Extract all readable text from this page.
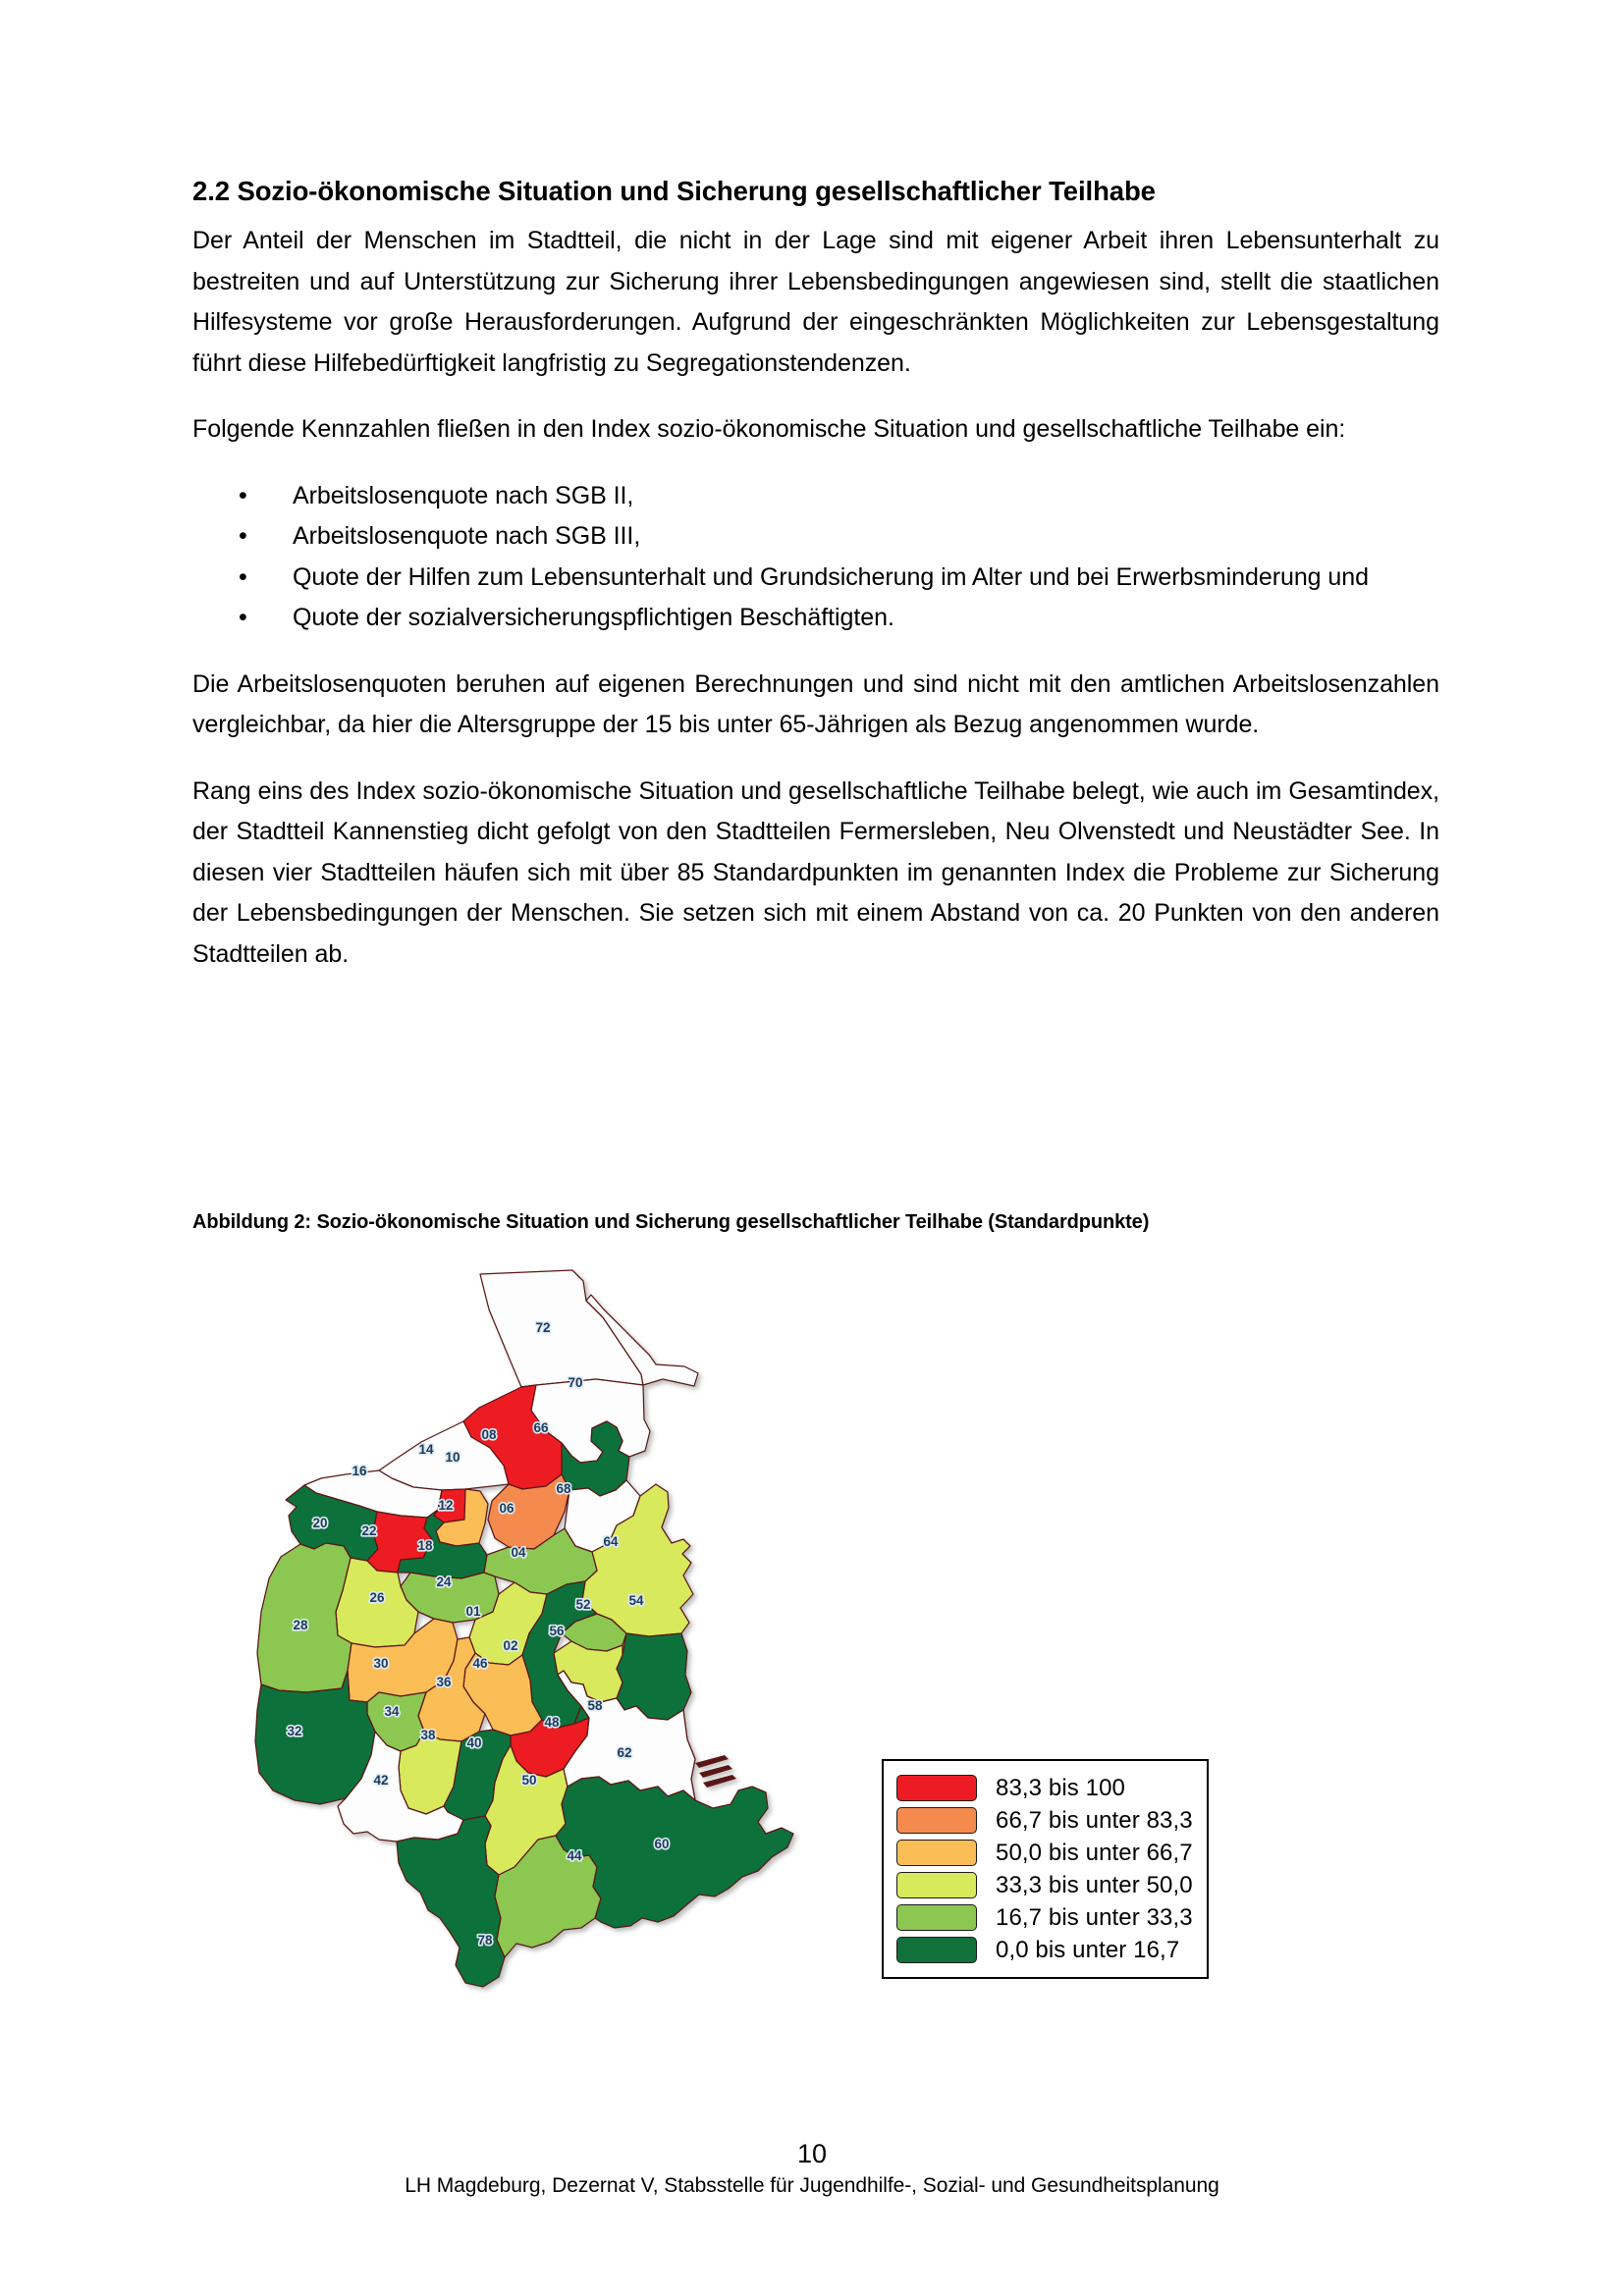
2.2 Sozio-ökonomische Situation und Sicherung gesellschaftlicher Teilhabe

Der Anteil der Menschen im Stadtteil, die nicht in der Lage sind mit eigener Arbeit ihren Lebensunterhalt zu bestreiten und auf Unterstützung zur Sicherung ihrer Lebensbedingungen angewiesen sind, stellt die staatlichen Hilfesysteme vor große Herausforderungen. Aufgrund der eingeschränkten Möglichkeiten zur Lebensgestaltung führt diese Hilfebedürftigkeit langfristig zu Segregationstendenzen.

Folgende Kennzahlen fließen in den Index sozio-ökonomische Situation und gesellschaftliche Teilhabe ein:

• Arbeitslosenquote nach SGB II,
• Arbeitslosenquote nach SGB III,
• Quote der Hilfen zum Lebensunterhalt und Grundsicherung im Alter und bei Erwerbsminderung und
• Quote der sozialversicherungspflichtigen Beschäftigten.

Die Arbeitslosenquoten beruhen auf eigenen Berechnungen und sind nicht mit den amtlichen Arbeitslosenzahlen vergleichbar, da hier die Altersgruppe der 15 bis unter 65-Jährigen als Bezug angenommen wurde.

Rang eins des Index sozio-ökonomische Situation und gesellschaftliche Teilhabe belegt, wie auch im Gesamtindex, der Stadtteil Kannenstieg dicht gefolgt von den Stadtteilen Fermersleben, Neu Olvenstedt und Neustädter See. In diesen vier Stadtteilen häufen sich mit über 85 Standardpunkten im genannten Index die Probleme zur Sicherung der Lebensbedingungen der Menschen. Sie setzen sich mit einem Abstand von ca. 20 Punkten von den anderen Stadtteilen ab.

Abbildung 2: Sozio-ökonomische Situation und Sicherung gesellschaftlicher Teilhabe (Standardpunkte)
72
70
08	66
14
10
16
68
20
22
12	06
18	04
64
24
26
28
01
02
52	54
56
30	46
36
34
32
48
58
38
40
62
42	50
60
44
78
83,3 bis 100
66,7 bis unter 83,3
50,0 bis unter 66,7
33,3 bis unter 50,0
16,7 bis unter 33,3
0,0 bis unter 16,7
10
LH Magdeburg, Dezernat V, Stabsstelle für Jugendhilfe-, Sozial- und Gesundheitsplanung
